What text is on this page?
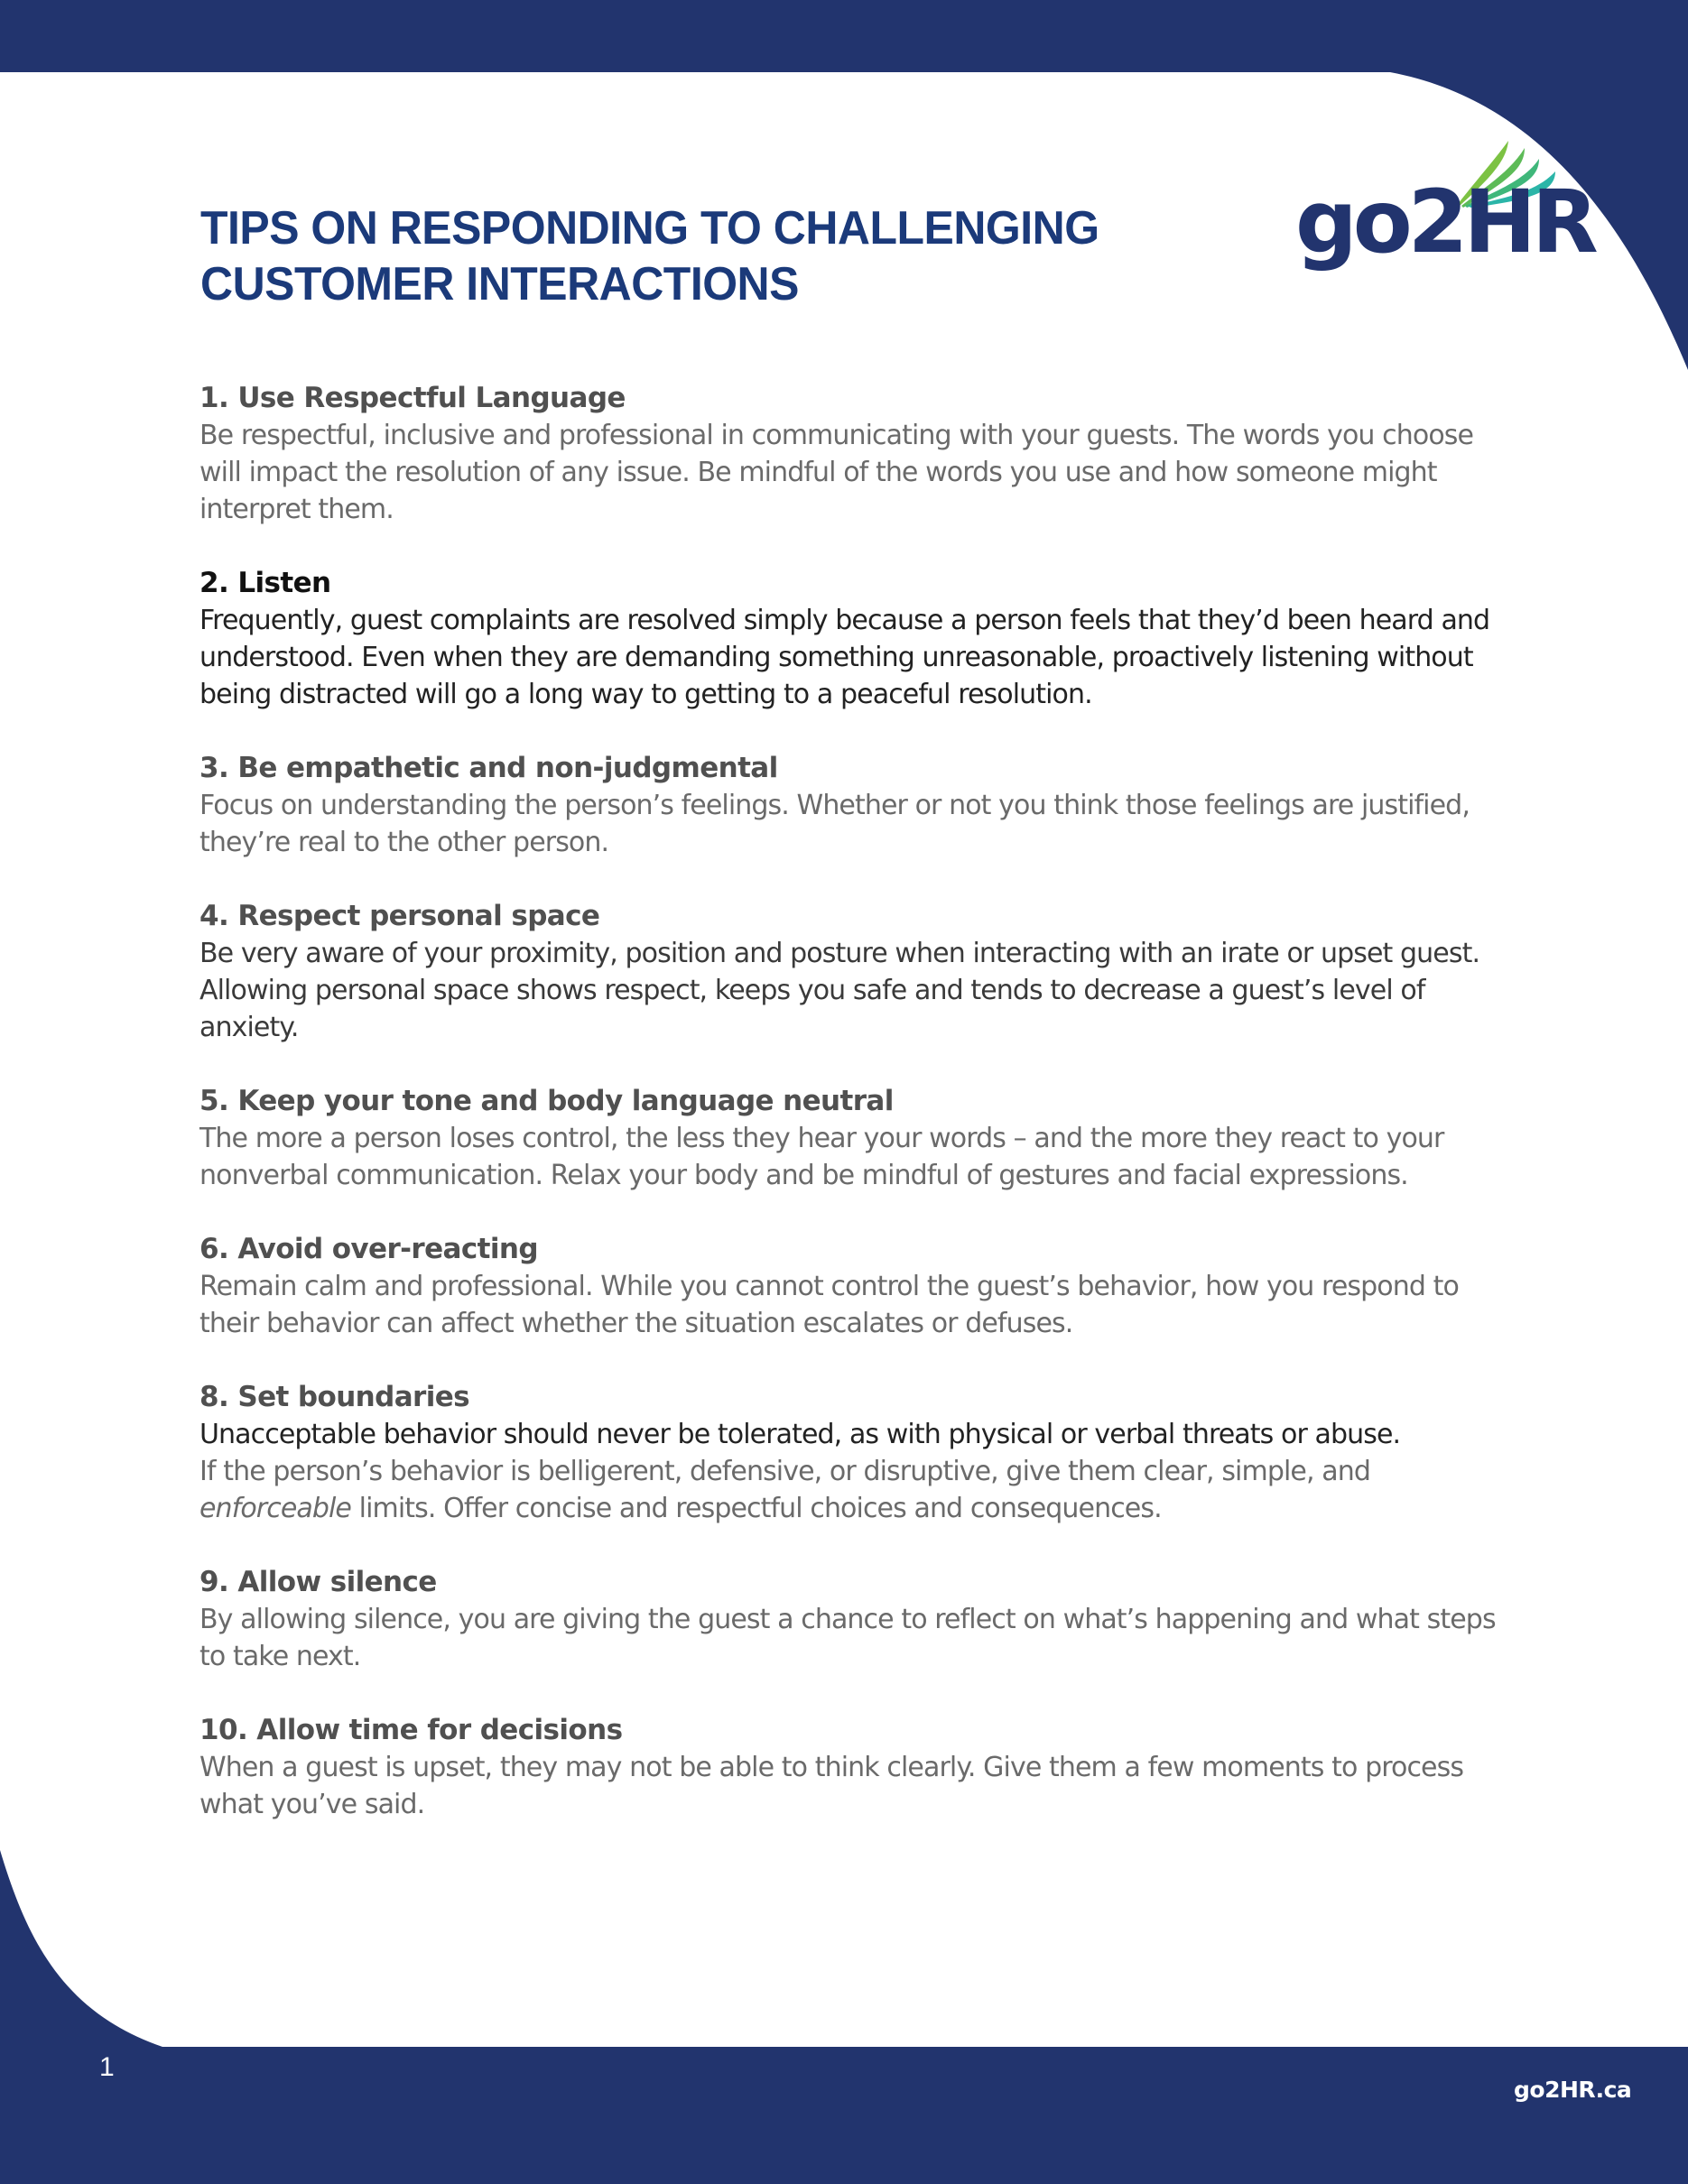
TIPS ON RESPONDING TO CHALLENGING
CUSTOMER INTERACTIONS
go2HR

1. Use Respectful Language

Be respectful, inclusive and professional in communicating with your guests. The words you choose will impact the resolution of any issue. Be mindful of the words you use and how someone might interpret them.

2. Listen

Frequently, guest complaints are resolved simply because a person feels that they’d been heard and understood. Even when they are demanding something unreasonable, proactively listening without being distracted will go a long way to getting to a peaceful resolution.

3. Be empathetic and non-judgmental

Focus on understanding the person’s feelings. Whether or not you think those feelings are justified, they’re real to the other person.

4. Respect personal space

Be very aware of your proximity, position and posture when interacting with an irate or upset guest. Allowing personal space shows respect, keeps you safe and tends to decrease a guest’s level of anxiety.

5. Keep your tone and body language neutral

The more a person loses control, the less they hear your words – and the more they react to your nonverbal communication. Relax your body and be mindful of gestures and facial expressions.

6. Avoid over-reacting

Remain calm and professional. While you cannot control the guest’s behavior, how you respond to their behavior can affect whether the situation escalates or defuses.

8. Set boundaries

Unacceptable behavior should never be tolerated, as with physical or verbal threats or abuse.

If the person’s behavior is belligerent, defensive, or disruptive, give them clear, simple, and enforceable limits. Offer concise and respectful choices and consequences.

9. Allow silence

By allowing silence, you are giving the guest a chance to reflect on what’s happening and what steps to take next.

10. Allow time for decisions

When a guest is upset, they may not be able to think clearly. Give them a few moments to process what you’ve said.

1
go2HR.ca
